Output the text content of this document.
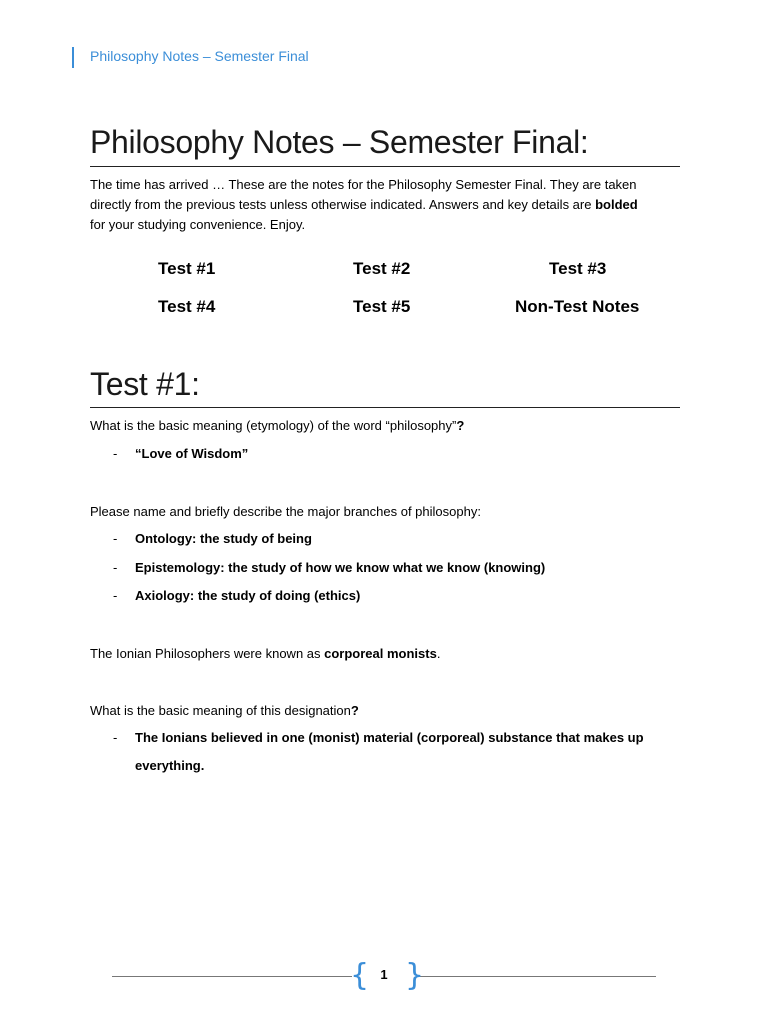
Philosophy Notes – Semester Final
Philosophy Notes – Semester Final:
The time has arrived … These are the notes for the Philosophy Semester Final. They are taken
directly from the previous tests unless otherwise indicated. Answers and key details are bolded
for your studying convenience. Enjoy.
Test #1	Test #2	Test #3
Test #4	Test #5	Non-Test Notes
Test #1:
What is the basic meaning (etymology) of the word “philosophy”?
- “Love of Wisdom”
Please name and briefly describe the major branches of philosophy:
- Ontology: the study of being
- Epistemology: the study of how we know what we know (knowing)
- Axiology: the study of doing (ethics)
The Ionian Philosophers were known as corporeal monists.
What is the basic meaning of this designation?
- The Ionians believed in one (monist) material (corporeal) substance that makes up
everything.
{ }
1
